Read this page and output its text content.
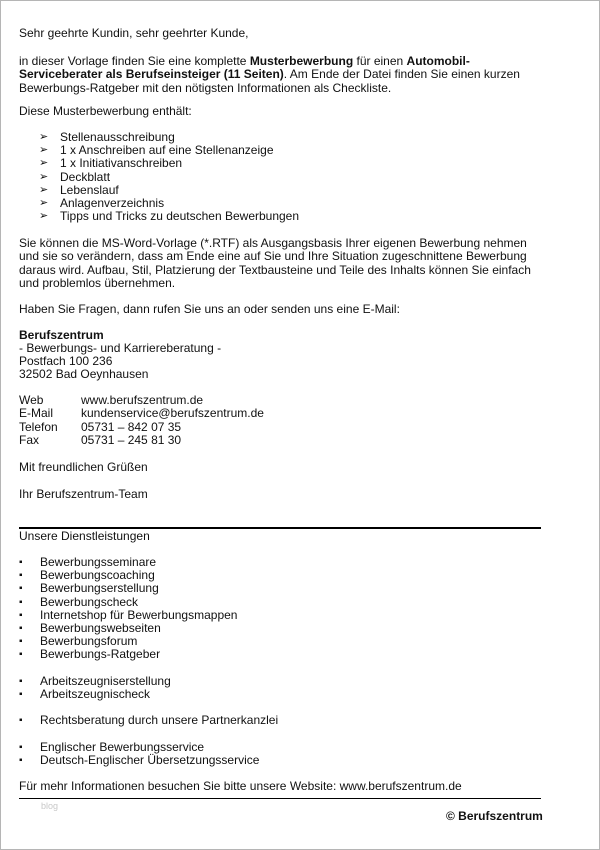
Sehr geehrte Kundin, sehr geehrter Kunde,
in dieser Vorlage finden Sie eine komplette Musterbewerbung für einen Automobil-Serviceberater als Berufseinsteiger (11 Seiten). Am Ende der Datei finden Sie einen kurzen Bewerbungs-Ratgeber mit den nötigsten Informationen als Checkliste.
Diese Musterbewerbung enthält:
➢ Stellenausschreibung
➢ 1 x Anschreiben auf eine Stellenanzeige
➢ 1 x Initiativanschreiben
➢ Deckblatt
➢ Lebenslauf
➢ Anlagenverzeichnis
➢ Tipps und Tricks zu deutschen Bewerbungen
Sie können die MS-Word-Vorlage (*.RTF) als Ausgangsbasis Ihrer eigenen Bewerbung nehmen und sie so verändern, dass am Ende eine auf Sie und Ihre Situation zugeschnittene Bewerbung daraus wird. Aufbau, Stil, Platzierung der Textbausteine und Teile des Inhalts können Sie einfach und problemlos übernehmen.
Haben Sie Fragen, dann rufen Sie uns an oder senden uns eine E-Mail:
Berufszentrum
- Bewerbungs- und Karriereberatung -
Postfach 100 236
32502 Bad Oeynhausen
Web	www.berufszentrum.de
E-Mail	kundenservice@berufszentrum.de
Telefon	05731 – 842 07 35
Fax	05731 – 245 81 30
Mit freundlichen Grüßen
Ihr Berufszentrum-Team
Unsere Dienstleistungen
▪ Bewerbungsseminare
▪ Bewerbungscoaching
▪ Bewerbungserstellung
▪ Bewerbungscheck
▪ Internetshop für Bewerbungsmappen
▪ Bewerbungswebseiten
▪ Bewerbungsforum
▪ Bewerbungs-Ratgeber
▪ Arbeitszeugniserstellung
▪ Arbeitszeugnischeck
▪ Rechtsberatung durch unsere Partnerkanzlei
▪ Englischer Bewerbungsservice
▪ Deutsch-Englischer Übersetzungsservice
Für mehr Informationen besuchen Sie bitte unsere Website: www.berufszentrum.de
blog
© Berufszentrum
